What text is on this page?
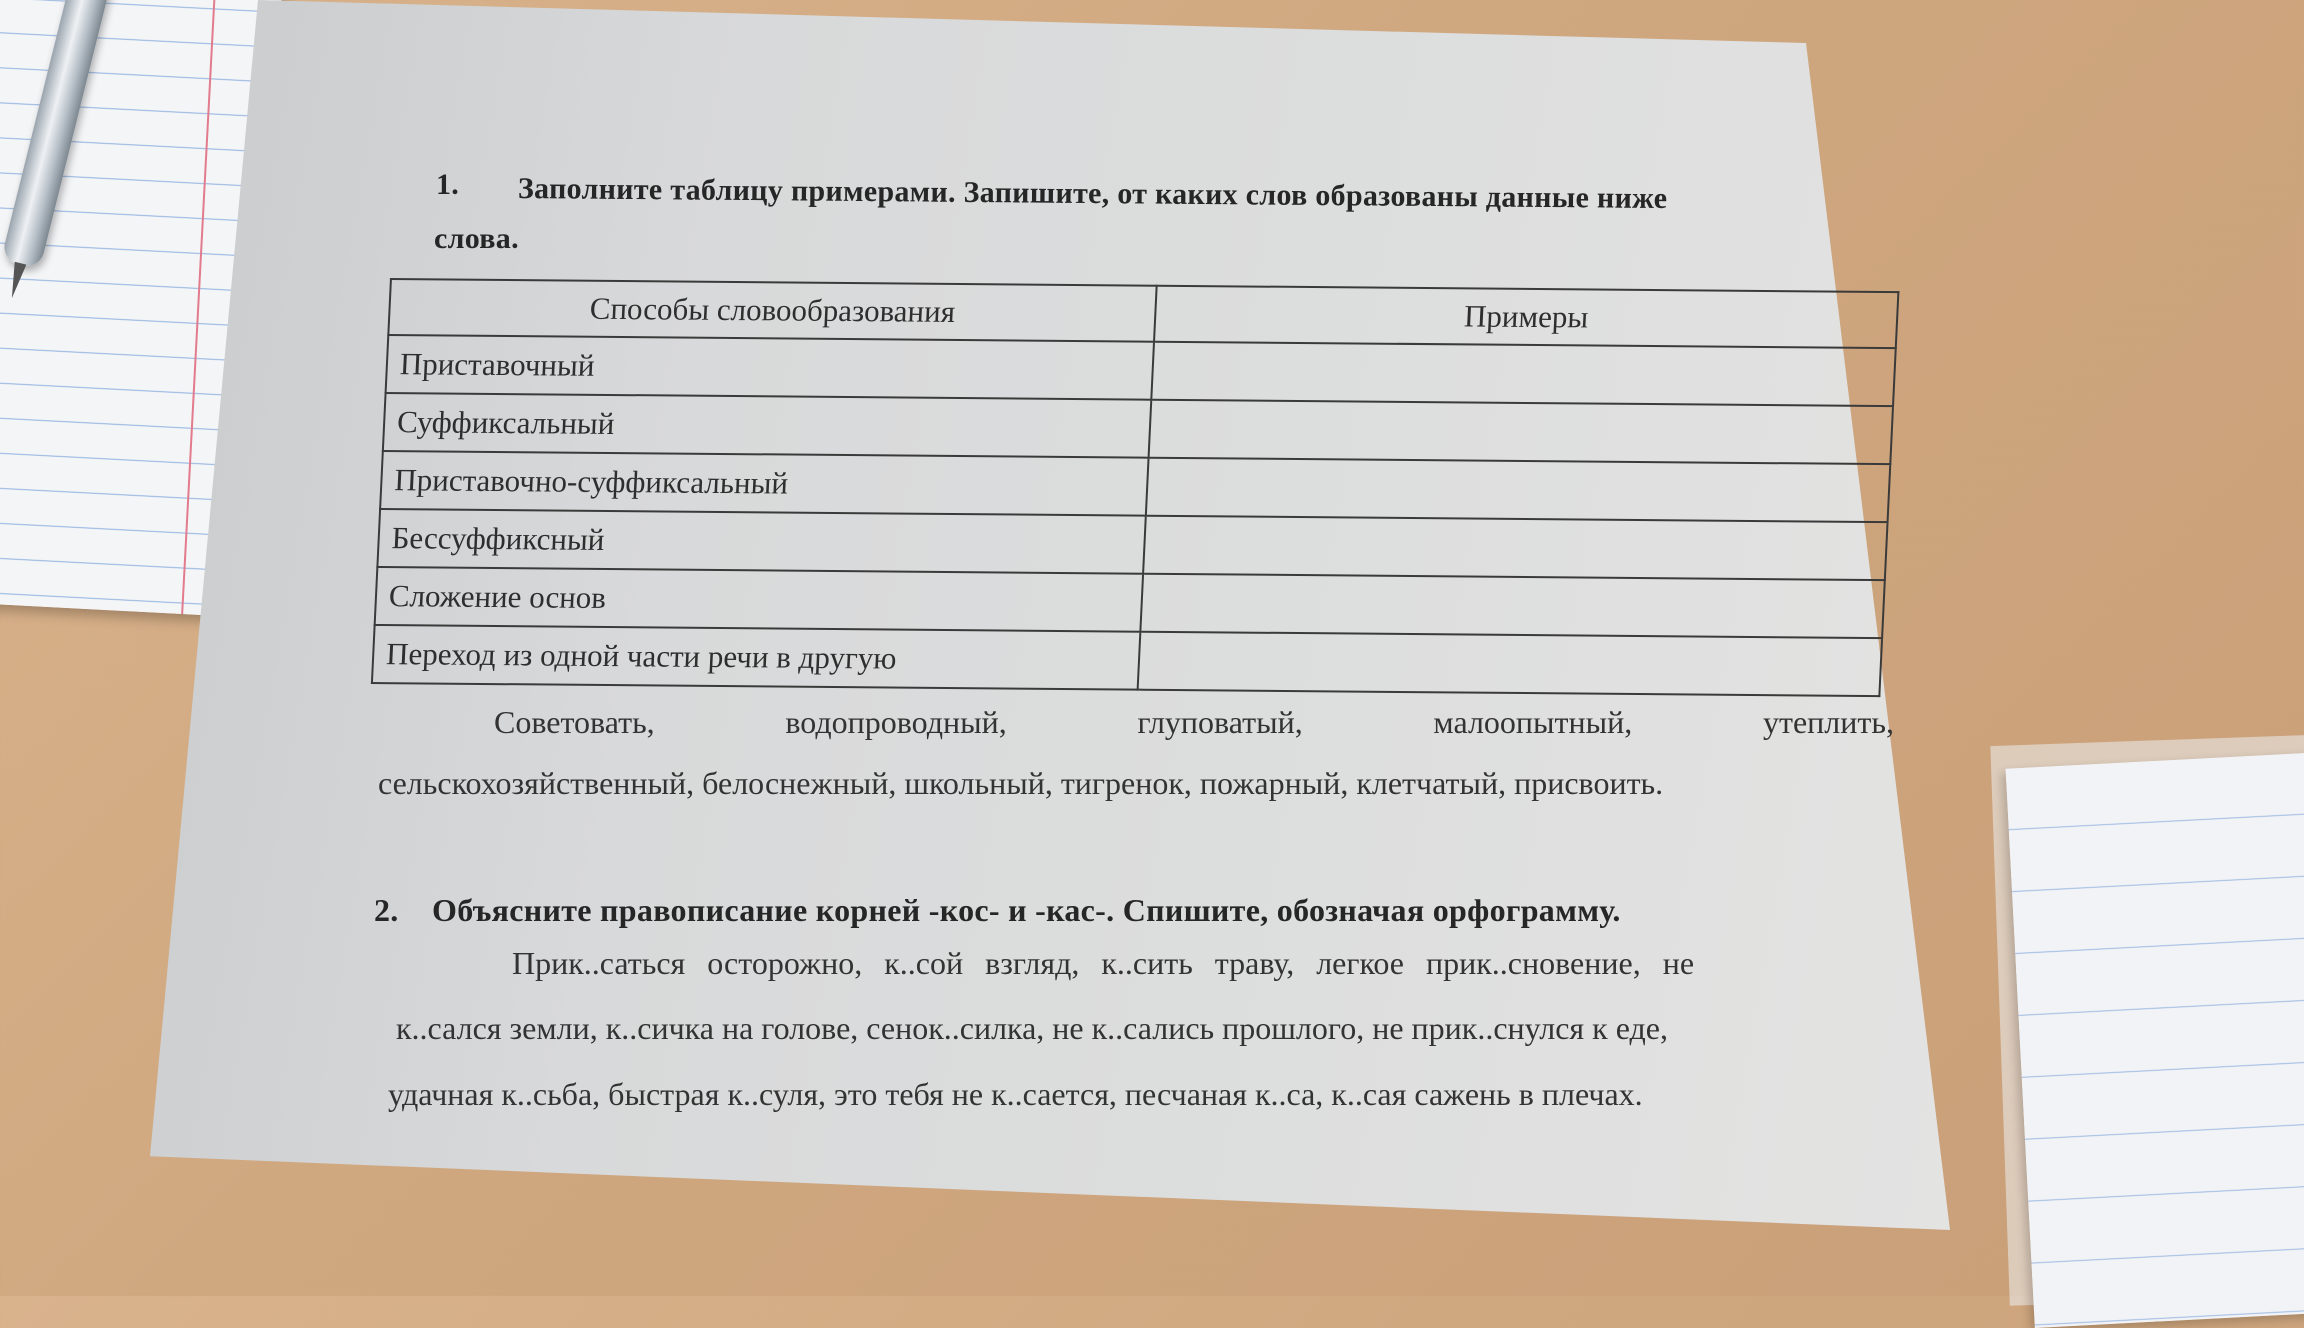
1. Заполните таблицу примерами. Запишите, от каких слов образованы данные ниже
слова.
Способы словообразования	Примеры
Приставочный	
Суффиксальный	
Приставочно-суффиксальный	
Бессуффиксный	
Сложение основ	
Переход из одной части речи в другую	
Советовать,	водопроводный,	глуповатый,	малоопытный,	утеплить,
сельскохозяйственный, белоснежный, школьный, тигренок, пожарный, клетчатый, присвоить.
2. Объясните правописание корней -кос- и -кас-. Спишите, обозначая орфограмму.
Прик..саться осторожно, к..сой взгляд, к..сить траву, легкое прик..сновение, не
к..сался земли, к..сичка на голове, сенок..силка, не к..сались прошлого, не прик..снулся к еде,
удачная к..сьба, быстрая к..суля, это тебя не к..сается, песчаная к..са, к..сая сажень в плечах.
